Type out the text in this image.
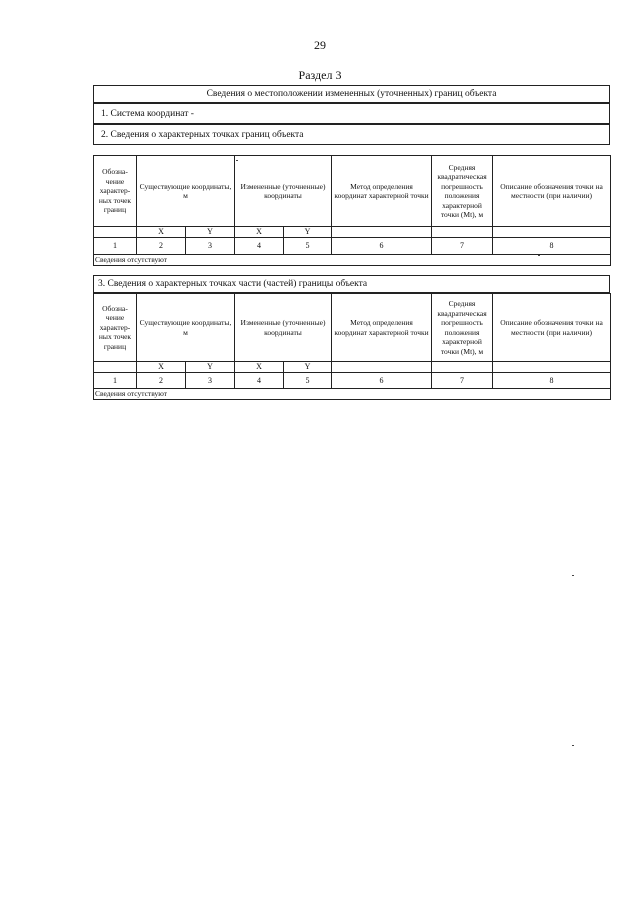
29
Раздел 3
Сведения о местоположении измененных (уточненных) границ объекта
1. Система координат -
2. Сведения о характерных точках границ объекта
Обозна-чение характер-ных точек границ	Существующие координаты, м		Измененные (уточненные) координаты		Метод определения координат характерной точки	Средняя квадратическая погрешность положения характерной точки (Mt), м	Описание обозначения точки на местности (при наличии)
	X	Y	X	Y			
1	2	3	4	5	6	7	8
Сведения отсутствуют							
3. Сведения о характерных точках части (частей) границы объекта
Обозна-чение характер-ных точек границ	Существующие координаты, м		Измененные (уточненные) координаты		Метод определения координат характерной точки	Средняя квадратическая погрешность положения характерной точки (Mt), м	Описание обозначения точки на местности (при наличии)
	X	Y	X	Y			
1	2	3	4	5	6	7	8
Сведения отсутствуют							
